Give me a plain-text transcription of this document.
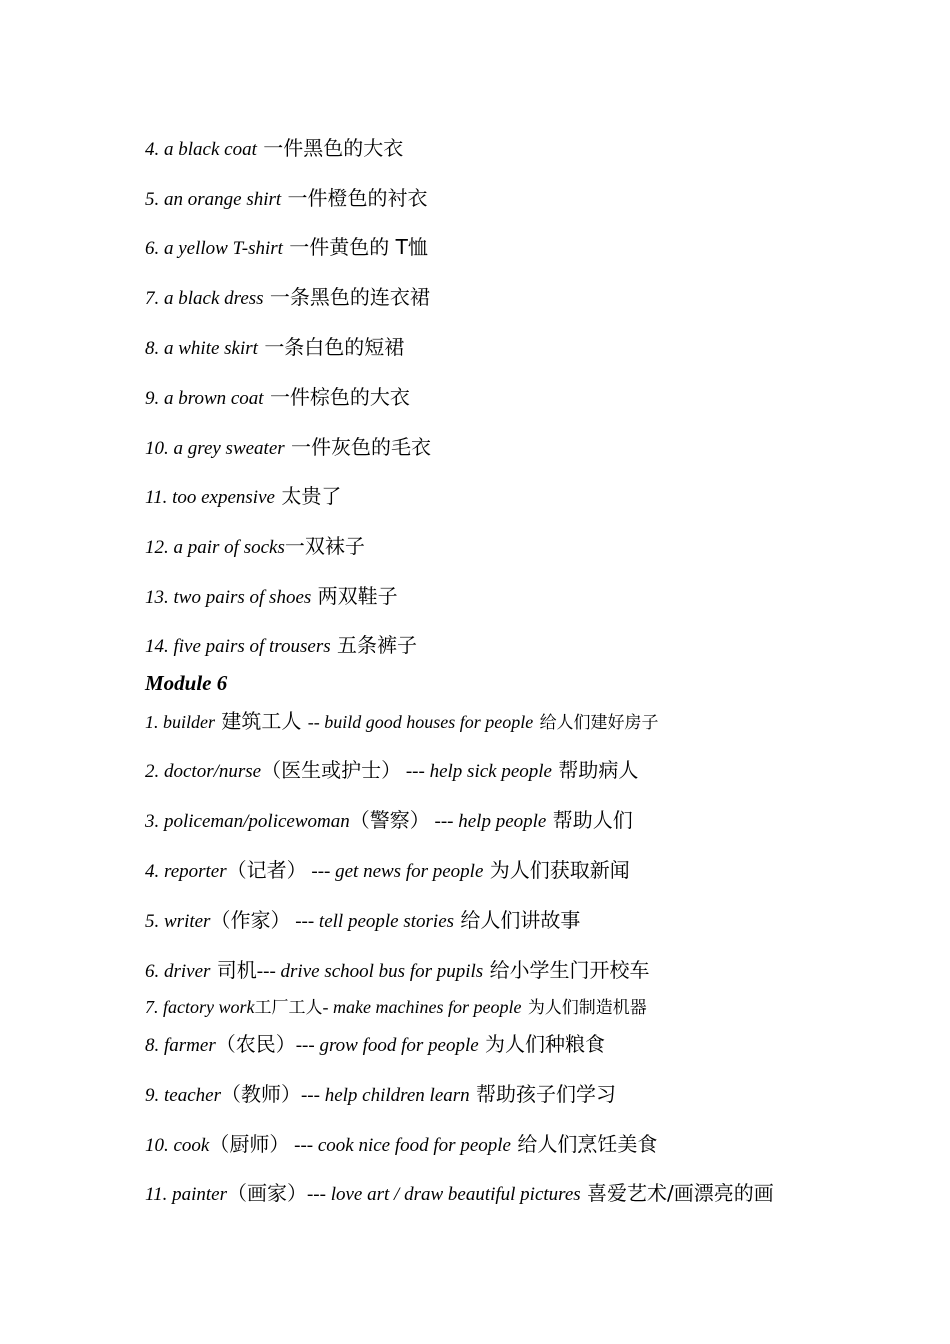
4. a black coat 一件黑色的大衣
5. an orange shirt 一件橙色的衬衣
6. a yellow T-shirt 一件黄色的 T恤
7. a black dress 一条黑色的连衣裙
8. a white skirt 一条白色的短裙
9. a brown coat 一件棕色的大衣
10. a grey sweater 一件灰色的毛衣
11. too expensive 太贵了
12. a pair of socks一双袜子
13. two pairs of shoes 两双鞋子
14. five pairs of trousers 五条裤子
Module 6
1. builder 建筑工人 -- build good houses for people 给人们建好房子
2. doctor/nurse（医生或护士） --- help sick people 帮助病人
3. policeman/policewoman（警察） --- help people 帮助人们
4. reporter（记者） --- get news for people 为人们获取新闻
5. writer（作家） --- tell people stories 给人们讲故事
6. driver 司机--- drive school bus for pupils 给小学生门开校车
7. factory work工厂工人- make machines for people 为人们制造机器
8. farmer（农民）--- grow food for people 为人们种粮食
9. teacher（教师）--- help children learn 帮助孩子们学习
10. cook（厨师） --- cook nice food for people 给人们烹饪美食
11. painter（画家）--- love art / draw beautiful pictures 喜爱艺术/画漂亮的画
